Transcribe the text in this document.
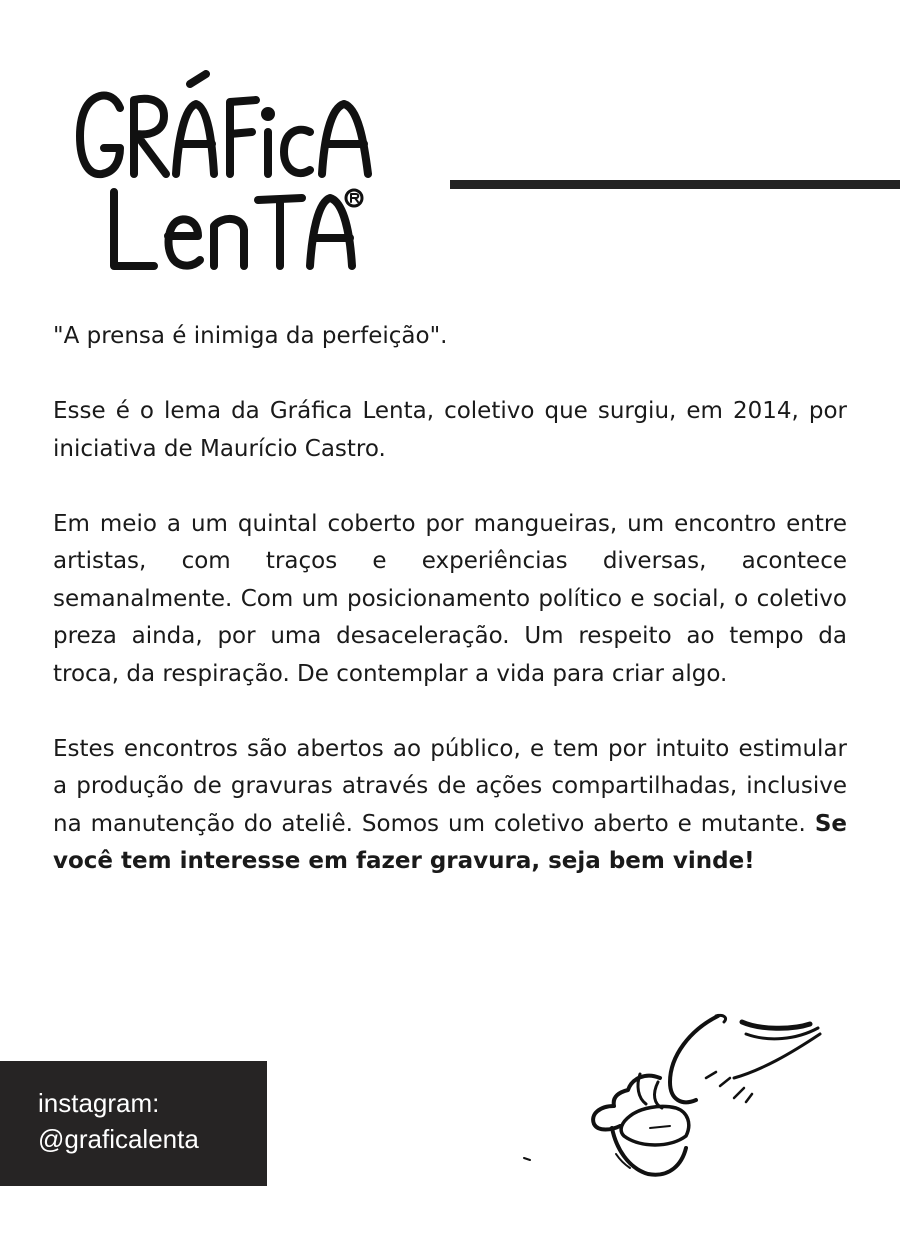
"A prensa é inimiga da perfeição".

Esse é o lema da Gráfica Lenta, coletivo que surgiu, em 2014, por iniciativa de Maurício Castro.

Em meio a um quintal coberto por mangueiras, um encontro entre artistas, com traços e experiências diversas, acontece semanalmente. Com um posicionamento político e social, o coletivo preza ainda, por uma desaceleração. Um respeito ao tempo da troca, da respiração. De contemplar a vida para criar algo.

Estes encontros são abertos ao público, e tem por intuito estimular a produção de gravuras através de ações compartilhadas, inclusive na manutenção do ateliê. Somos um coletivo aberto e mutante. Se você tem interesse em fazer gravura, seja bem vinde!

instagram:
@graficalenta
